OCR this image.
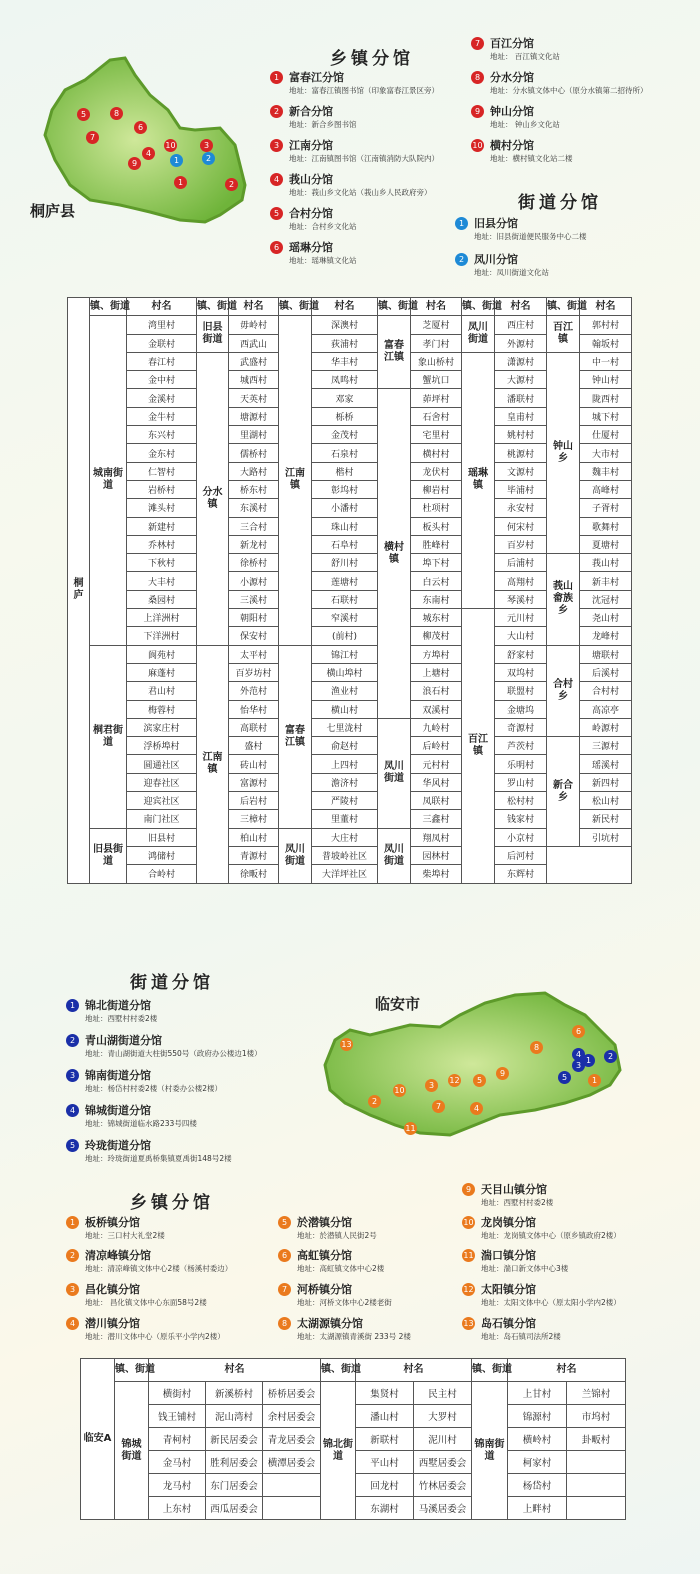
桐庐县
5	8
7
6
10	3
4
9	1	2
1	2
乡镇分馆
街道分馆
1 富春江分馆
地址：富春江镇图书馆（印象富春江景区旁）
2 新合分馆
地址：新合乡图书馆
3 江南分馆
地址：江南镇图书馆（江南镇消防大队院内）
4 莪山分馆
地址：莪山乡文化站（莪山乡人民政府旁）
5 合村分馆
地址：合村乡文化站
6 瑶琳分馆
地址：瑶琳镇文化站
7 百江分馆
地址： 百江镇文化站
8 分水分馆
地址：分水镇文体中心（原分水镇第二招待所）
9 钟山分馆
地址： 钟山乡文化站
10 横村分馆
地址：横村镇文化站二楼
1 旧县分馆
地址：旧县街道便民服务中心二楼
2 凤川分馆
地址：凤川街道文化站
桐庐	镇、街道	村名	镇、街道	村名	镇、街道	村名	镇、街道	村名	镇、街道	村名	镇、街道	村名
	城南街道	湾里村	旧县街道	毋岭村	江南镇	深澳村	富春江镇	芝厦村	凤川街道	西庄村	百江镇	郭村村
		金联村		西武山		荻浦村		孝门村		外源村		翰坂村
		春江村	分水镇	武盛村		华丰村		象山桥村	瑶琳镇	潇源村	钟山乡	中一村
		金中村		城西村		凤鸣村		蟹坑口		大源村		钟山村
		金溪村		天英村		邓家	横村镇	茆坪村		潘联村		陇西村
		金牛村		塘源村		栎桥		石舍村		皇甫村		城下村
		东兴村		里湖村		金茂村		宅里村		姚村村		仕厦村
		金东村		儒桥村		石泉村		横村村		桃源村		大市村
		仁智村		大路村		楷村		龙伏村		文源村		魏丰村
		岩桥村		桥东村		彰坞村		柳岩村		毕浦村		高峰村
		滩头村		东溪村		小潘村		杜项村		永安村		子胥村
		新建村		三合村		珠山村		板头村		何宋村		歌舞村
		乔林村		新龙村		石阜村		胜峰村		百岁村		夏塘村
		下秋村		徐桥村		舒川村		埠下村		后浦村	莪山畲族乡	莪山村
		大丰村		小源村		莲塘村		白云村		高翔村		新丰村
		桑园村		三溪村		石联村		东南村		琴溪村		沈冠村
		上洋洲村		朝阳村		窄溪村		城东村	百江镇	元川村		尧山村
		下洋洲村		保安村		(前村)		柳茂村		大山村		龙峰村
	桐君街道	阆苑村	江南镇	太平村	富春江镇	锦江村		方埠村		舒家村	合村乡	塘联村
		麻蓬村		百岁坊村		横山埠村		上塘村		双坞村		后溪村
		君山村		外范村		渔业村		浪石村		联盟村		合村村
		梅蓉村		怡华村		横山村		双溪村		金塘坞		高凉亭
		滨家庄村		高联村		七里泷村	凤川街道	九岭村		奇源村		岭源村
		浮桥埠村		盛村		俞赵村		后岭村		芦茨村	新合乡	三源村
		圆通社区		砖山村		上四村		元村村		乐明村		瑶溪村
		迎春社区		富源村		澹济村		华风村		罗山村		新四村
		迎宾社区		后岩村		严陵村		凤联村		松村村		松山村
		南门社区		三樟村		里董村		三鑫村		钱家村		新民村
	旧县街道	旧县村		柏山村	凤川街道	大庄村	凤川街道	翔凤村		小京村		引坑村
		鸿储村		青源村		普坡岭社区		园林村		后河村		
		合岭村		徐畈村		大洋坪社区		柴埠村		东辉村		
街道分馆
乡镇分馆
临安市
13
6
8
4
3
1	2
5	1
9
5
12
3
10
2
7	4
11
1 锦北街道分馆
地址：西墅村村委2楼
2 青山湖街道分馆
地址：青山湖街道大柱街550号（政府办公楼边1楼）
3 锦南街道分馆
地址：杨岱村村委2楼（村委办公楼2楼）
4 锦城街道分馆
地址：锦城街道临水路233号四楼
5 玲珑街道分馆
地址：玲珑街道夏禹桥集镇夏禹街148号2楼
1 板桥镇分馆
地址：三口村大礼堂2楼
2 清凉峰镇分馆
地址：清凉峰镇文体中心2楼（杨溪村委边）
3 昌化镇分馆
地址： 昌化镇文体中心东面58号2楼
4 潜川镇分馆
地址：潜川文体中心（原乐平小学内2楼）
5 於潜镇分馆
地址：於潜镇人民街2号
6 高虹镇分馆
地址：高虹镇文体中心2楼
7 河桥镇分馆
地址：河桥文体中心2楼老街
8 太湖源镇分馆
地址：太湖源镇青溪街 233号 2楼
9 天目山镇分馆
地址：西墅村村委2楼
10 龙岗镇分馆
地址：龙岗镇文体中心（原乡镇政府2楼）
11 湍口镇分馆
地址：湍口新文体中心3楼
12 太阳镇分馆
地址：太阳文体中心（原太阳小学内2楼）
13 岛石镇分馆
地址：岛石镇司法所2楼
临安A	镇、街道	村名			镇、街道	村名		镇、街道	村名	

	锦城街道	横街村	新溪桥村	桥桥居委会	锦北街道	集贤村	民主村	锦南街道	上甘村	兰锦村
		钱王铺村	泥山湾村	余村居委会		潘山村	大罗村		锦源村	市坞村
		青柯村	新民居委会	青龙居委会		新联村	泥川村		横岭村	卦畈村
		金马村	胜利居委会	横潭居委会		平山村	西墅居委会		柯家村	
		龙马村	东门居委会			回龙村	竹林居委会		杨岱村	
		上东村	西瓜居委会			东湖村	马溪居委会		上畔村	
